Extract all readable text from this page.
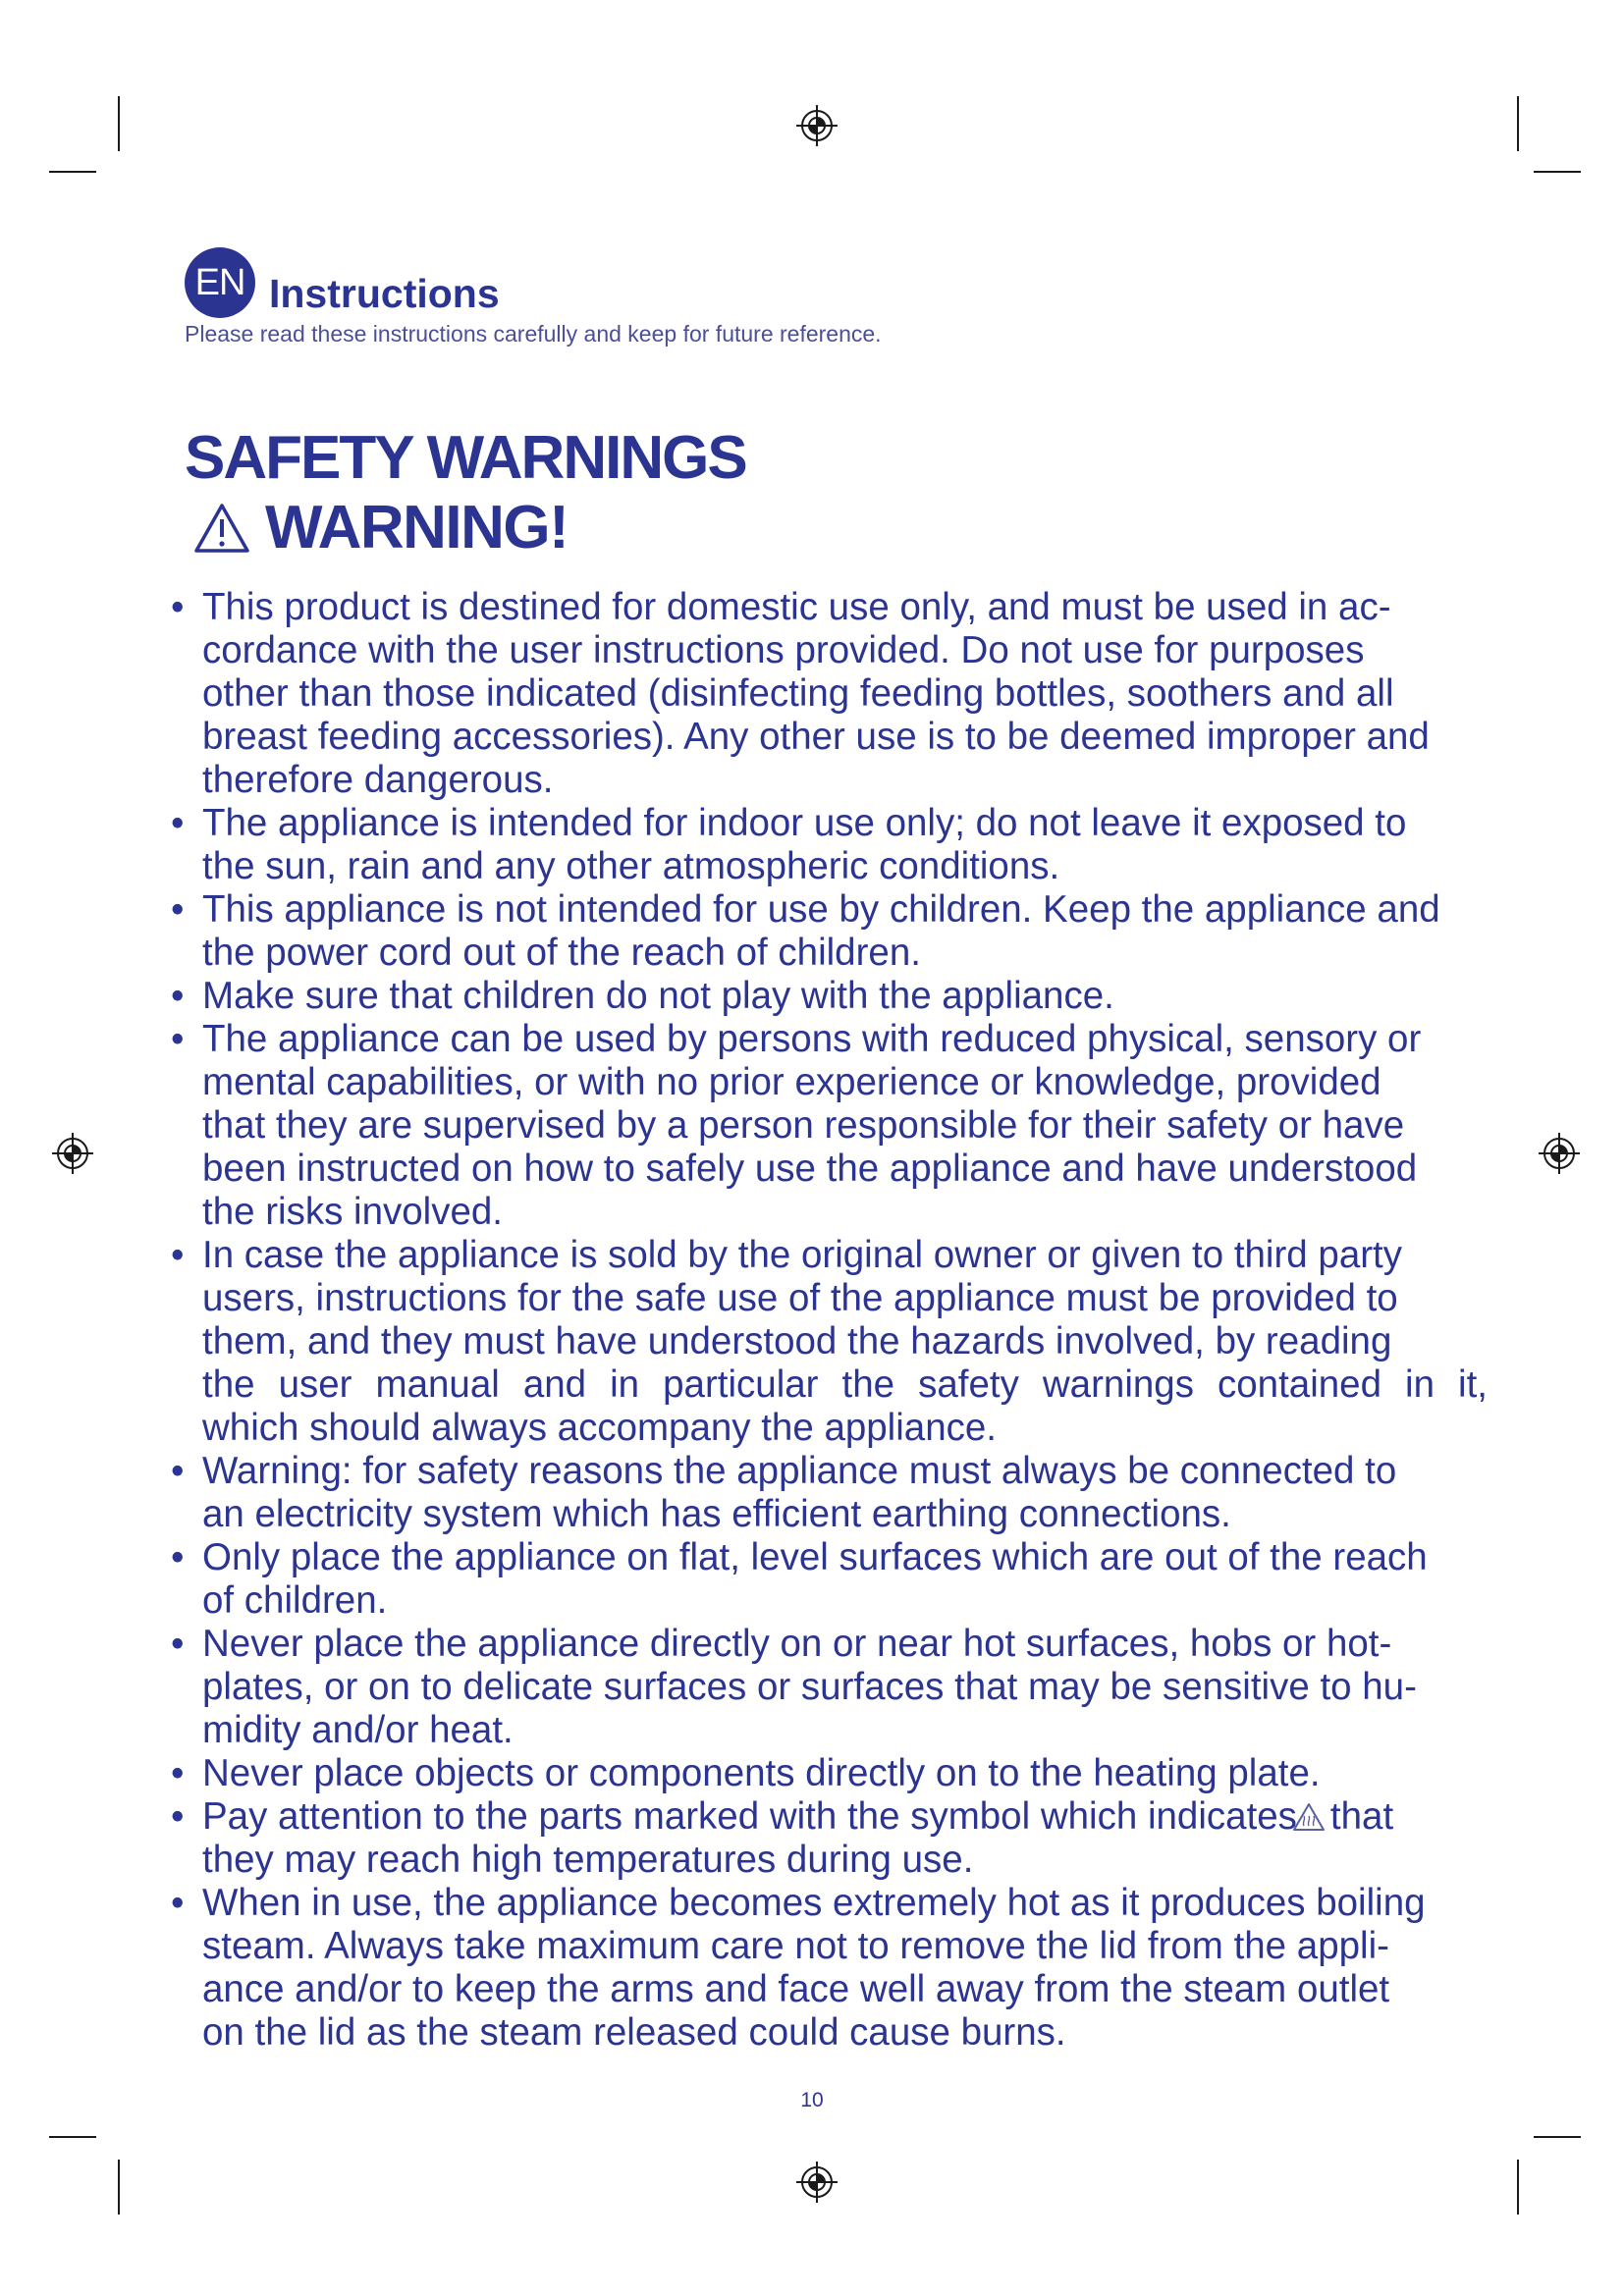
EN Instructions
Please read these instructions carefully and keep for future reference.
SAFETY WARNINGS
WARNING!
• This product is destined for domestic use only, and must be used in ac-
cordance with the user instructions provided. Do not use for purposes
other than those indicated (disinfecting feeding bottles, soothers and all
breast feeding accessories). Any other use is to be deemed improper and
therefore dangerous.
• The appliance is intended for indoor use only; do not leave it exposed to
the sun, rain and any other atmospheric conditions.
• This appliance is not intended for use by children. Keep the appliance and
the power cord out of the reach of children.
• Make sure that children do not play with the appliance.
• The appliance can be used by persons with reduced physical, sensory or
mental capabilities, or with no prior experience or knowledge, provided
that they are supervised by a person responsible for their safety or have
been instructed on how to safely use the appliance and have understood
the risks involved.
• In case the appliance is sold by the original owner or given to third party
users, instructions for the safe use of the appliance must be provided to
them, and they must have understood the hazards involved, by reading
the user manual and in particular the safety warnings contained in it,
which should always accompany the appliance.
• Warning: for safety reasons the appliance must always be connected to
an electricity system which has efficient earthing connections.
• Only place the appliance on flat, level surfaces which are out of the reach
of children.
• Never place the appliance directly on or near hot surfaces, hobs or hot-
plates, or on to delicate surfaces or surfaces that may be sensitive to hu-
midity and/or heat.
• Never place objects or components directly on to the heating plate.
• Pay attention to the parts marked with the symbol which indicates that
they may reach high temperatures during use.
• When in use, the appliance becomes extremely hot as it produces boiling
steam. Always take maximum care not to remove the lid from the appli-
ance and/or to keep the arms and face well away from the steam outlet
on the lid as the steam released could cause burns.
10
